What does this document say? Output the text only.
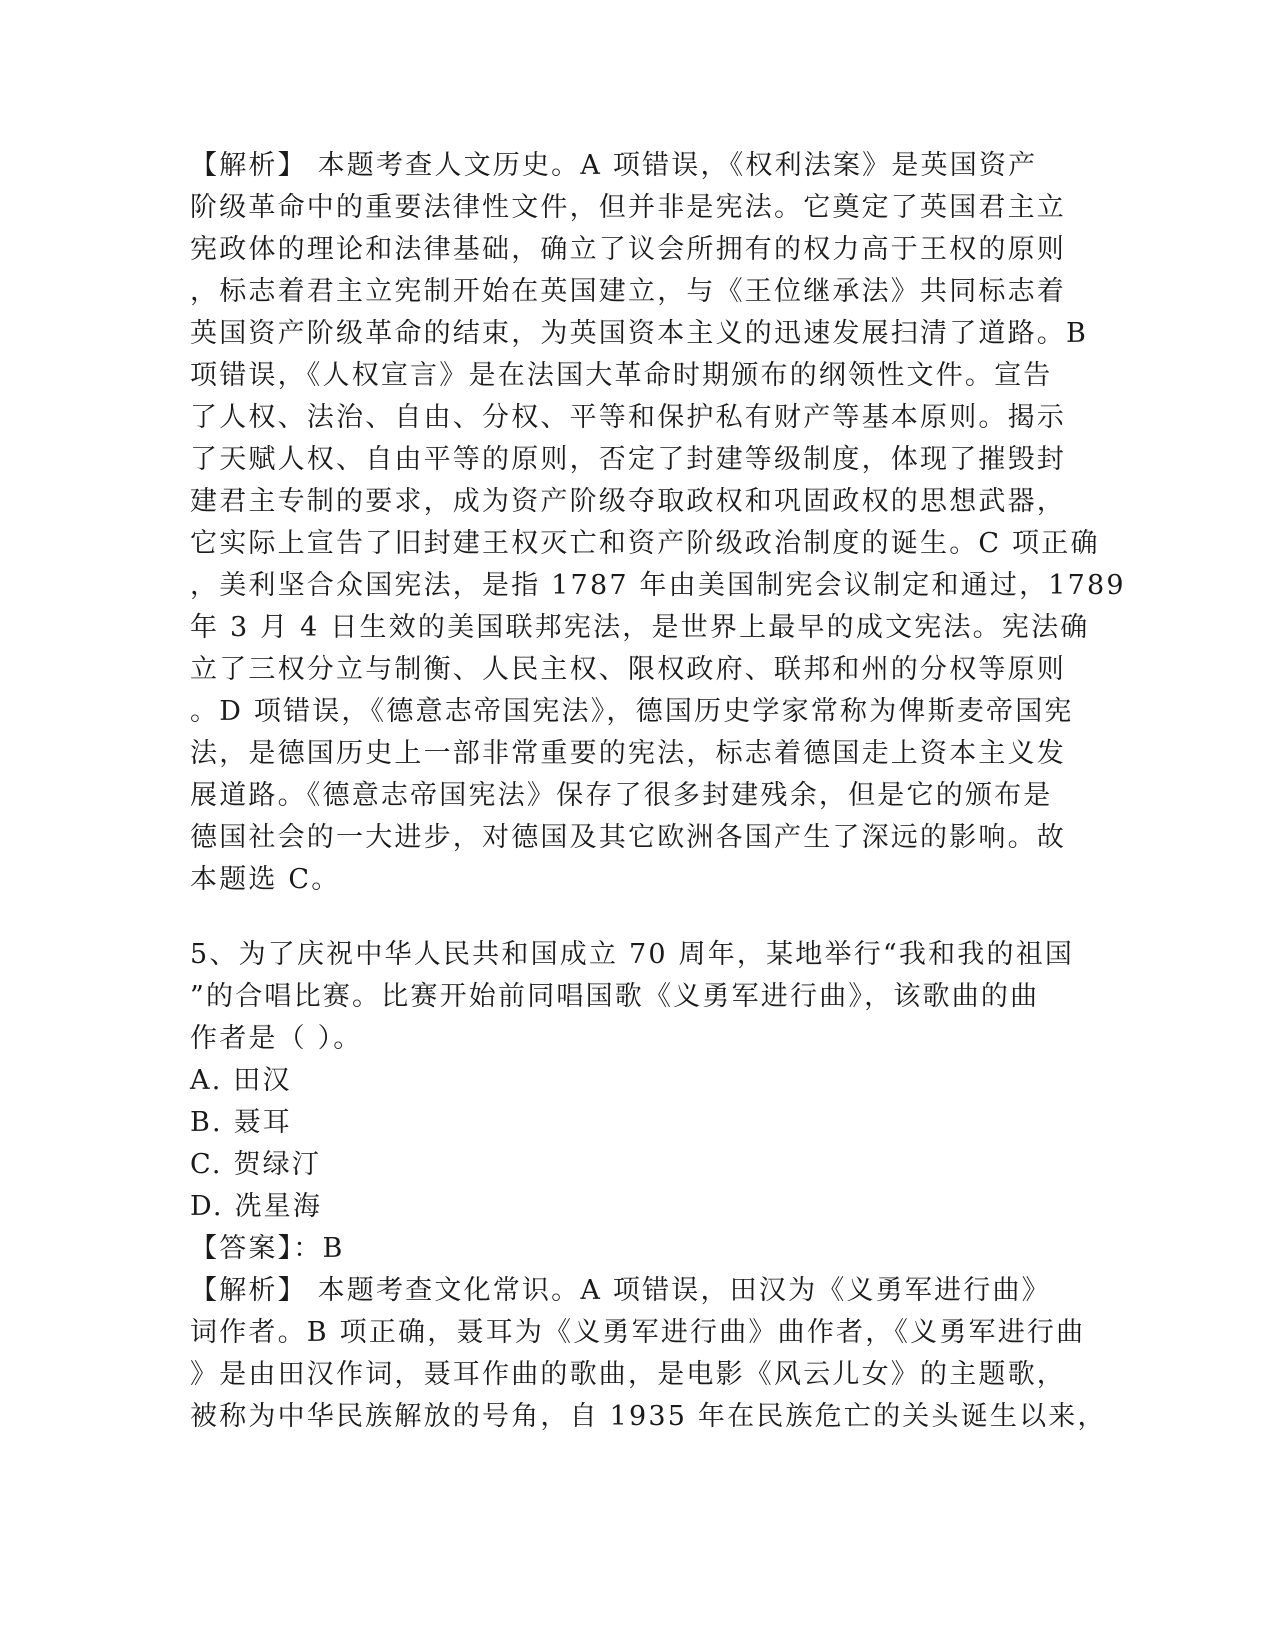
【解析】 本题考查人文历史。A 项错误，《权利法案》是英国资产
阶级革命中的重要法律性文件，但并非是宪法。它奠定了英国君主立
宪政体的理论和法律基础，确立了议会所拥有的权力高于王权的原则
，标志着君主立宪制开始在英国建立，与《王位继承法》共同标志着
英国资产阶级革命的结束，为英国资本主义的迅速发展扫清了道路。B
项错误，《人权宣言》是在法国大革命时期颁布的纲领性文件。宣告
了人权、法治、自由、分权、平等和保护私有财产等基本原则。揭示
了天赋人权、自由平等的原则，否定了封建等级制度，体现了摧毁封
建君主专制的要求，成为资产阶级夺取政权和巩固政权的思想武器，
它实际上宣告了旧封建王权灭亡和资产阶级政治制度的诞生。C 项正确
，美利坚合众国宪法，是指 1787 年由美国制宪会议制定和通过，1789
年 3 月 4 日生效的美国联邦宪法，是世界上最早的成文宪法。宪法确
立了三权分立与制衡、人民主权、限权政府、联邦和州的分权等原则
。D 项错误，《德意志帝国宪法》，德国历史学家常称为俾斯麦帝国宪
法，是德国历史上一部非常重要的宪法，标志着德国走上资本主义发
展道路。《德意志帝国宪法》保存了很多封建残余，但是它的颁布是
德国社会的一大进步，对德国及其它欧洲各国产生了深远的影响。故
本题选 C。
5、为了庆祝中华人民共和国成立 70 周年，某地举行“我和我的祖国
”的合唱比赛。比赛开始前同唱国歌《义勇军进行曲》，该歌曲的曲
作者是（ ）。
A. 田汉
B. 聂耳
C. 贺绿汀
D. 冼星海
【答案】：B
【解析】 本题考查文化常识。A 项错误，田汉为《义勇军进行曲》
词作者。B 项正确，聂耳为《义勇军进行曲》曲作者，《义勇军进行曲
》是由田汉作词，聂耳作曲的歌曲，是电影《风云儿女》的主题歌，
被称为中华民族解放的号角，自 1935 年在民族危亡的关头诞生以来，
